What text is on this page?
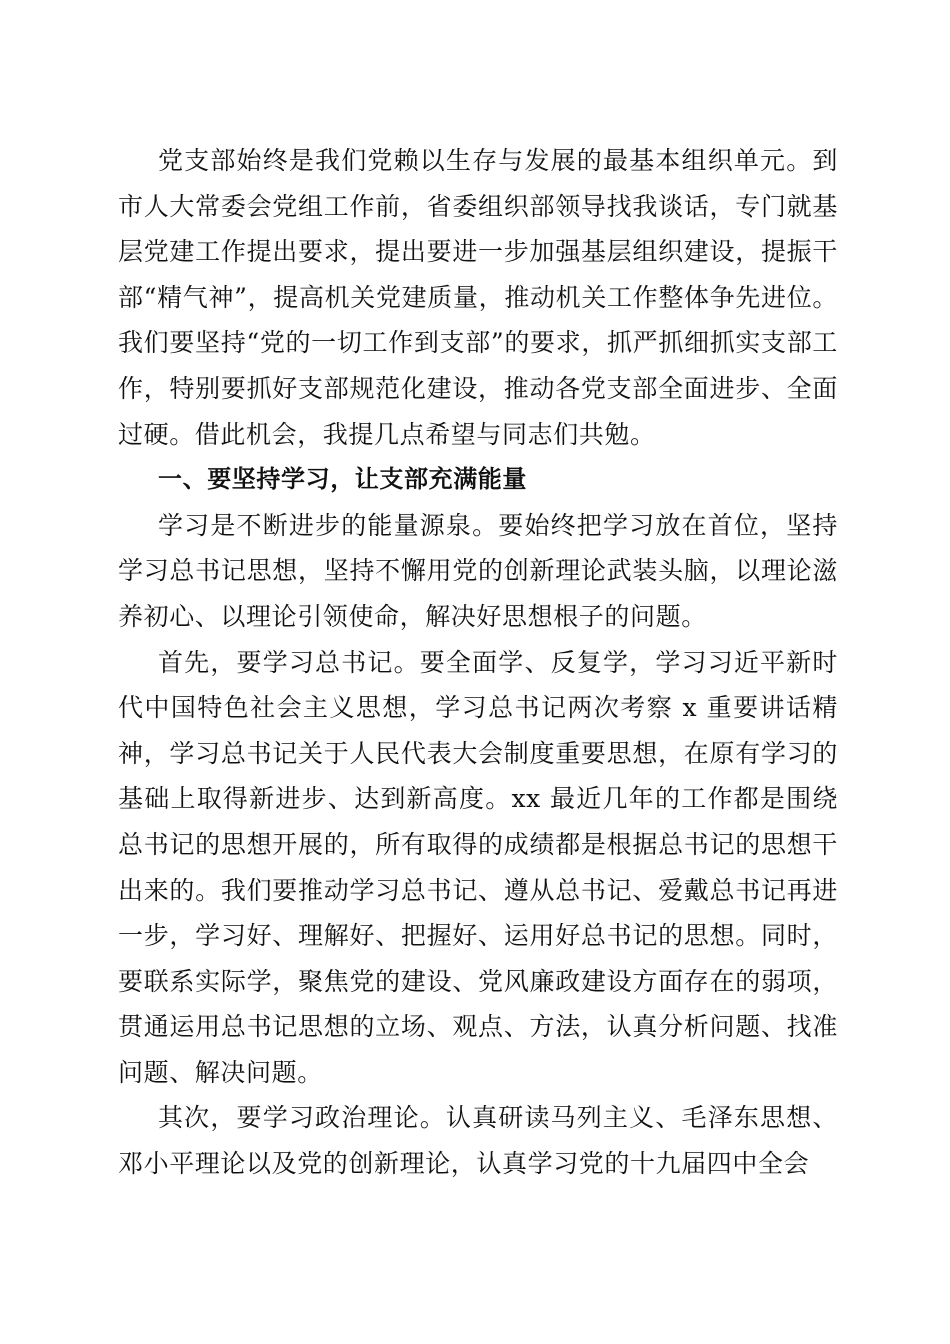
党支部始终是我们党赖以生存与发展的最基本组织单元。到市人大常委会党组工作前，省委组织部领导找我谈话，专门就基层党建工作提出要求，提出要进一步加强基层组织建设，提振干部“精气神”，提高机关党建质量，推动机关工作整体争先进位。我们要坚持“党的一切工作到支部”的要求，抓严抓细抓实支部工作，特别要抓好支部规范化建设，推动各党支部全面进步、全面过硬。借此机会，我提几点希望与同志们共勉。

一、要坚持学习，让支部充满能量

学习是不断进步的能量源泉。要始终把学习放在首位，坚持学习总书记思想，坚持不懈用党的创新理论武装头脑，以理论滋养初心、以理论引领使命，解决好思想根子的问题。

首先，要学习总书记。要全面学、反复学，学习习近平新时代中国特色社会主义思想，学习总书记两次考察 x 重要讲话精神，学习总书记关于人民代表大会制度重要思想，在原有学习的基础上取得新进步、达到新高度。xx 最近几年的工作都是围绕总书记的思想开展的，所有取得的成绩都是根据总书记的思想干出来的。我们要推动学习总书记、遵从总书记、爱戴总书记再进一步，学习好、理解好、把握好、运用好总书记的思想。同时，要联系实际学，聚焦党的建设、党风廉政建设方面存在的弱项，贯通运用总书记思想的立场、观点、方法，认真分析问题、找准问题、解决问题。

其次，要学习政治理论。认真研读马列主义、毛泽东思想、邓小平理论以及党的创新理论，认真学习党的十九届四中全会
